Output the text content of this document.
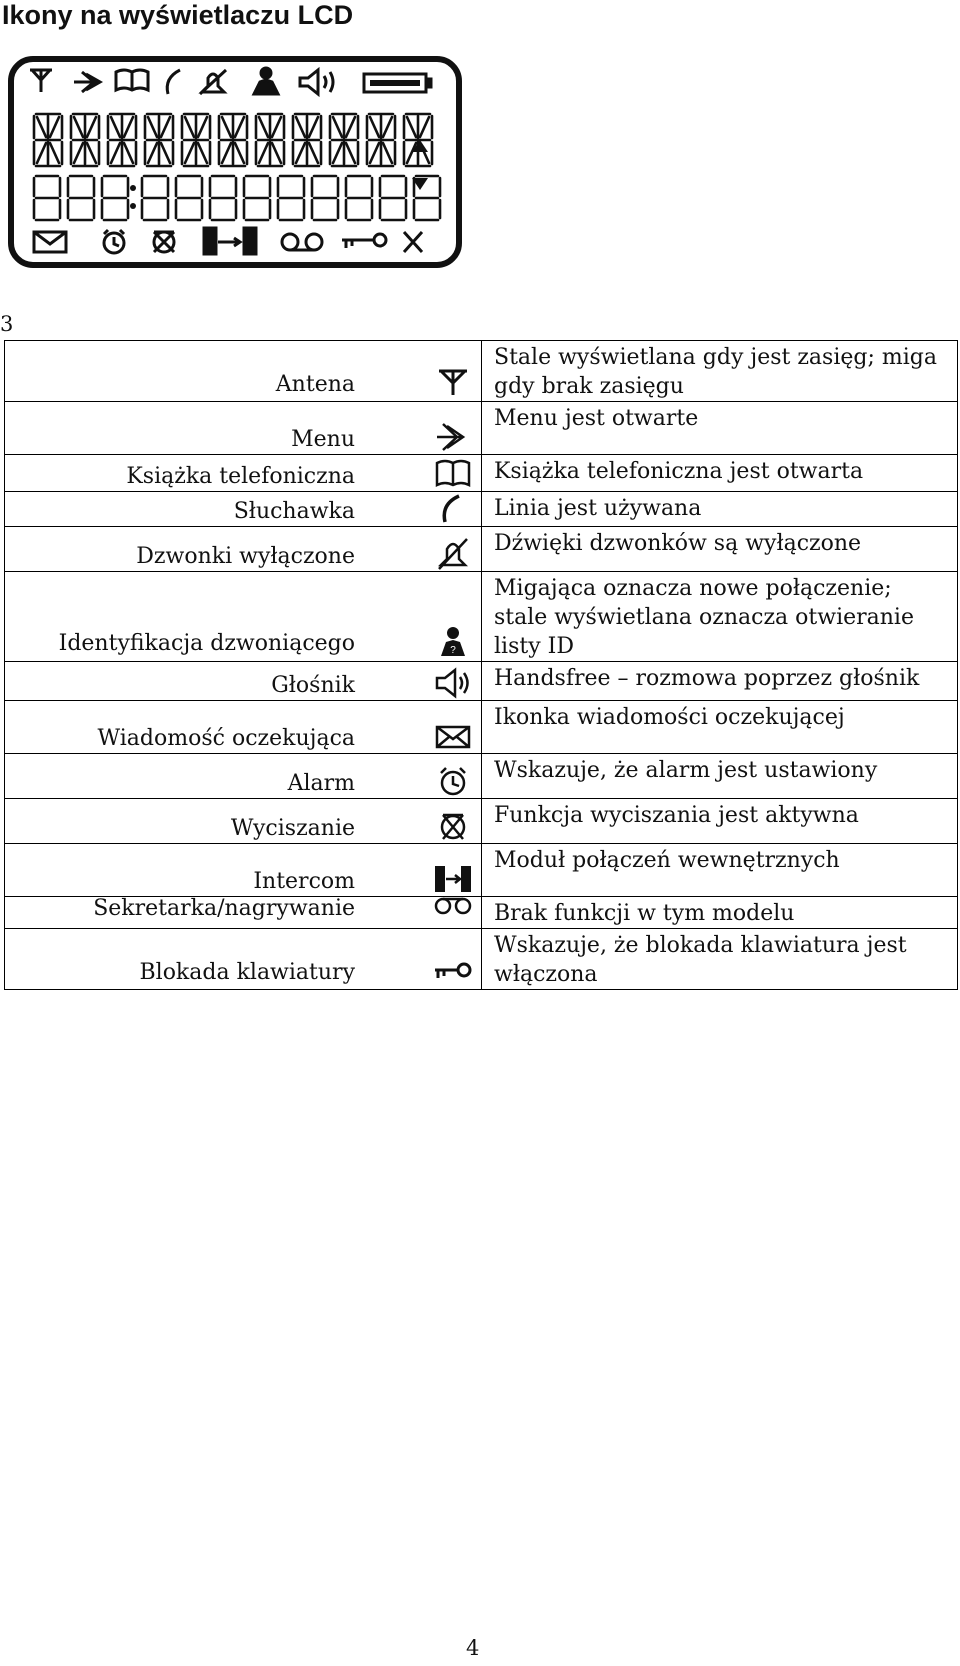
Ikony na wyświetlaczu LCD
3
Antena	Stale wyświetlana gdy jest zasięg; miga gdy brak zasięgu

Menu	Menu jest otwarte

Książka telefoniczna	Książka telefoniczna jest otwarta

Słuchawka	Linia jest używana

Dzwonki wyłączone	Dźwięki dzwonków są wyłączone

Identyfikacja dzwoniącego ?	Migająca oznacza nowe połączenie; stale wyświetlana oznacza otwieranie listy ID

Głośnik	Handsfree – rozmowa poprzez głośnik

Wiadomość oczekująca	Ikonka wiadomości oczekującej

Alarm	Wskazuje, że alarm jest ustawiony

Wyciszanie	Funkcja wyciszania jest aktywna

Intercom	Moduł połączeń wewnętrznych

Sekretarka/nagrywanie	Brak funkcji w tym modelu

Blokada klawiatury	Wskazuje, że blokada klawiatura jest włączona
4
